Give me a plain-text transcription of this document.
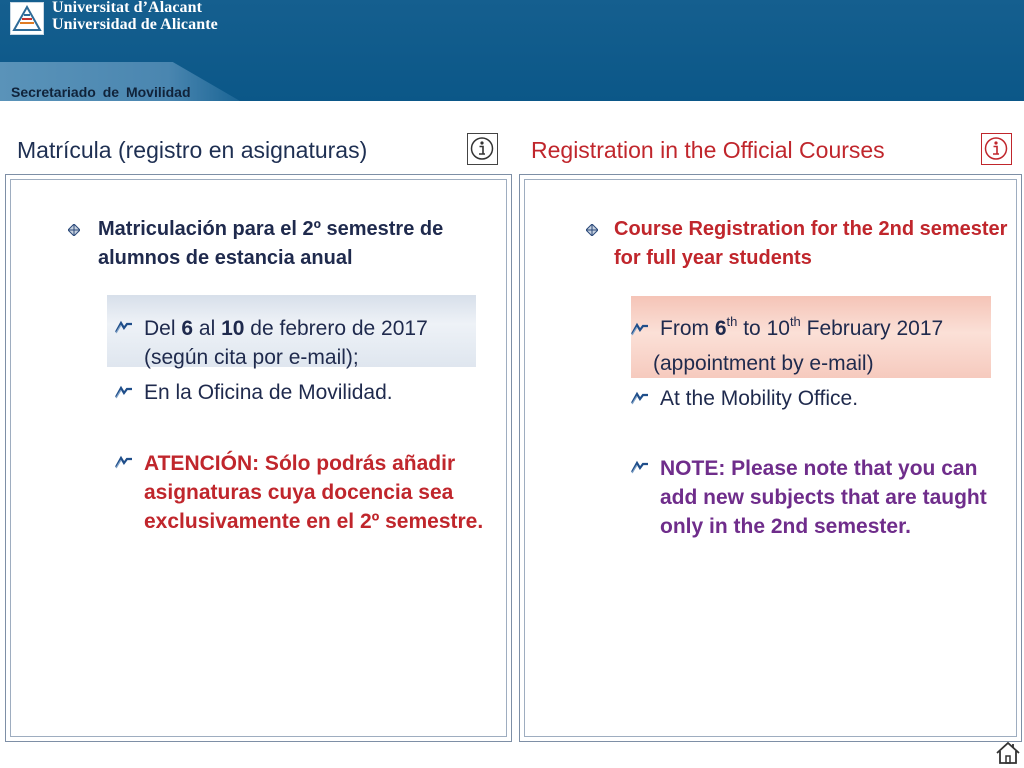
Universitat d’Alacant
Universidad de Alicante
Secretariado de Movilidad
Matrícula (registro en asignaturas)	Registration in the Official Courses
Matriculación para el 2º semestre de alumnos de estancia anual
Del 6 al 10 de febrero de 2017
(según cita por e-mail);
En la Oficina de Movilidad.
ATENCIÓN: Sólo podrás añadir asignaturas cuya docencia sea exclusivamente en el 2º semestre.
Course Registration for the 2nd semester for full year students
From 6th to 10th February 2017
(appointment by e-mail)
At the Mobility Office.
NOTE: Please note that you can add new subjects that are taught only in the 2nd semester.
